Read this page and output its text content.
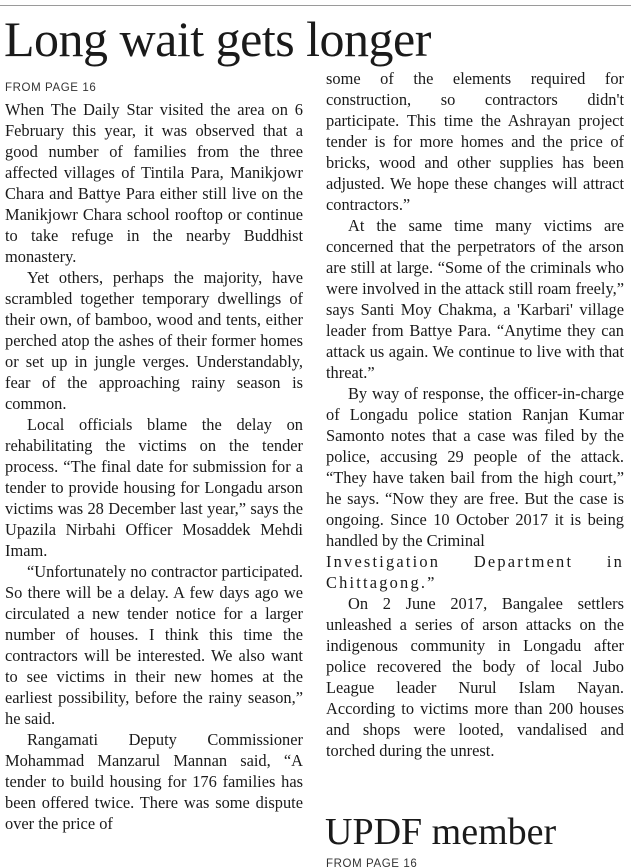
Long wait gets longer
FROM PAGE 16

When The Daily Star visited the area on 6 February this year, it was observed that a good number of families from the three affected villages of Tintila Para, Manikjowr Chara and Battye Para either still live on the Manikjowr Chara school rooftop or continue to take refuge in the nearby Buddhist monastery.

Yet others, perhaps the majority, have scrambled together temporary dwellings of their own, of bamboo, wood and tents, either perched atop the ashes of their former homes or set up in jungle verges. Understandably, fear of the approaching rainy season is common.

Local officials blame the delay on rehabilitating the victims on the tender process. “The final date for submission for a tender to provide housing for Longadu arson victims was 28 December last year,” says the Upazila Nirbahi Officer Mosaddek Mehdi Imam.

“Unfortunately no contractor participated. So there will be a delay. A few days ago we circulated a new tender notice for a larger number of houses. I think this time the contractors will be interested. We also want to see victims in their new homes at the earliest possibility, before the rainy season,” he said.

Rangamati Deputy Commissioner Mohammad Manzarul Mannan said, “A tender to build housing for 176 families has been offered twice. There was some dispute over the price of

some of the elements required for construction, so contractors didn't participate. This time the Ashrayan project tender is for more homes and the price of bricks, wood and other supplies has been adjusted. We hope these changes will attract contractors.”

At the same time many victims are concerned that the perpetrators of the arson are still at large. “Some of the criminals who were involved in the attack still roam freely,” says Santi Moy Chakma, a 'Karbari' village leader from Battye Para. “Anytime they can attack us again. We continue to live with that threat.”

By way of response, the officer-in-charge of Longadu police station Ranjan Kumar Samonto notes that a case was filed by the police, accusing 29 people of the attack. “They have taken bail from the high court,” he says. “Now they are free. But the case is ongoing. Since 10 October 2017 it is being handled by the Criminal

Investigation Department in Chittagong.”

On 2 June 2017, Bangalee settlers unleashed a series of arson attacks on the indigenous community in Longadu after police recovered the body of local Jubo League leader Nurul Islam Nayan. According to victims more than 200 houses and shops were looted, vandalised and torched during the unrest.

UPDF member
FROM PAGE 16
